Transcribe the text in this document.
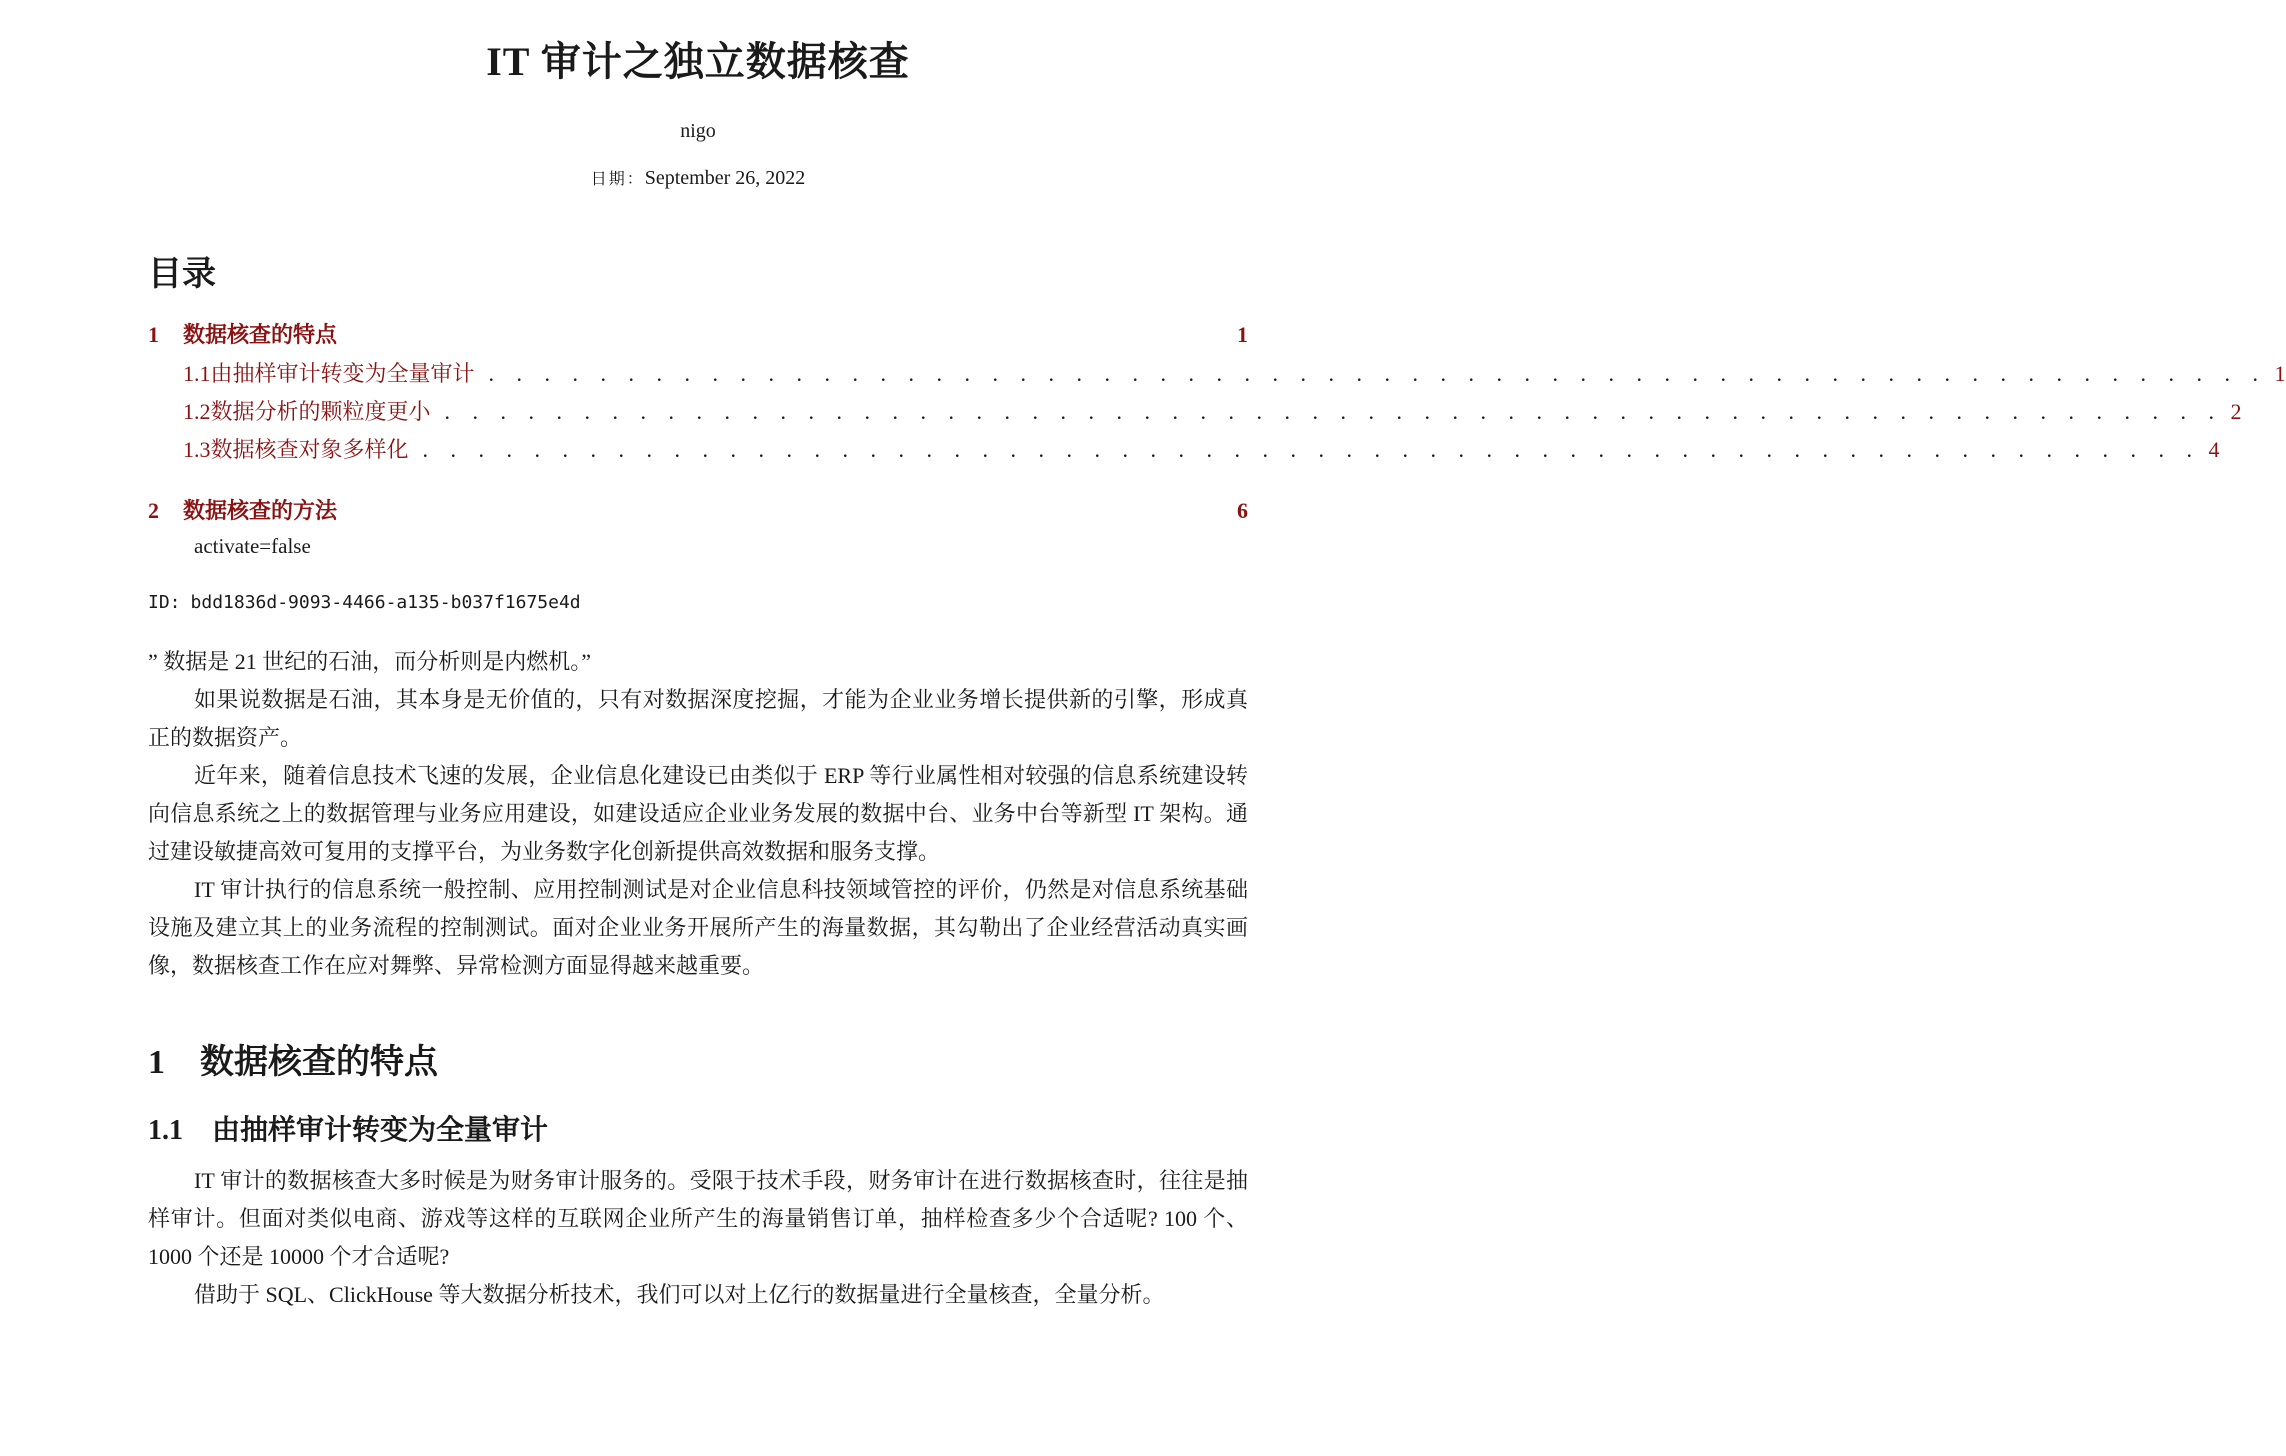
IT 审计之独立数据核查
nigo
日期：September 26, 2022
目录
1	数据核查的特点	1
1.1 由抽样审计转变为全量审计 . . . . . . . . . . . . . . . . . . . . . . . . . . . . . . . . . . . . . . . . . . . . . . . . . . . . . . . . . . . . . . . . 1
1.2 数据分析的颗粒度更小 . . . . . . . . . . . . . . . . . . . . . . . . . . . . . . . . . . . . . . . . . . . . . . . . . . . . . . . . . . . . . . . . 2
1.3 数据核查对象多样化 . . . . . . . . . . . . . . . . . . . . . . . . . . . . . . . . . . . . . . . . . . . . . . . . . . . . . . . . . . . . . . . . 4
2	数据核查的方法	6
activate=false
ID: bdd1836d-9093-4466-a135-b037f1675e4d

” 数据是 21 世纪的石油，而分析则是内燃机。”

如果说数据是石油，其本身是无价值的，只有对数据深度挖掘，才能为企业业务增长提供新的引擎，形成真正的数据资产。

近年来，随着信息技术飞速的发展，企业信息化建设已由类似于 ERP 等行业属性相对较强的信息系统建设转向信息系统之上的数据管理与业务应用建设，如建设适应企业业务发展的数据中台、业务中台等新型 IT 架构。通过建设敏捷高效可复用的支撑平台，为业务数字化创新提供高效数据和服务支撑。

IT 审计执行的信息系统一般控制、应用控制测试是对企业信息科技领域管控的评价，仍然是对信息系统基础设施及建立其上的业务流程的控制测试。面对企业业务开展所产生的海量数据，其勾勒出了企业经营活动真实画像，数据核查工作在应对舞弊、异常检测方面显得越来越重要。

1 数据核查的特点
1.1 由抽样审计转变为全量审计

IT 审计的数据核查大多时候是为财务审计服务的。受限于技术手段，财务审计在进行数据核查时，往往是抽样审计。但面对类似电商、游戏等这样的互联网企业所产生的海量销售订单，抽样检查多少个合适呢? 100 个、1000 个还是 10000 个才合适呢?

借助于 SQL、ClickHouse 等大数据分析技术，我们可以对上亿行的数据量进行全量核查，全量分析。
